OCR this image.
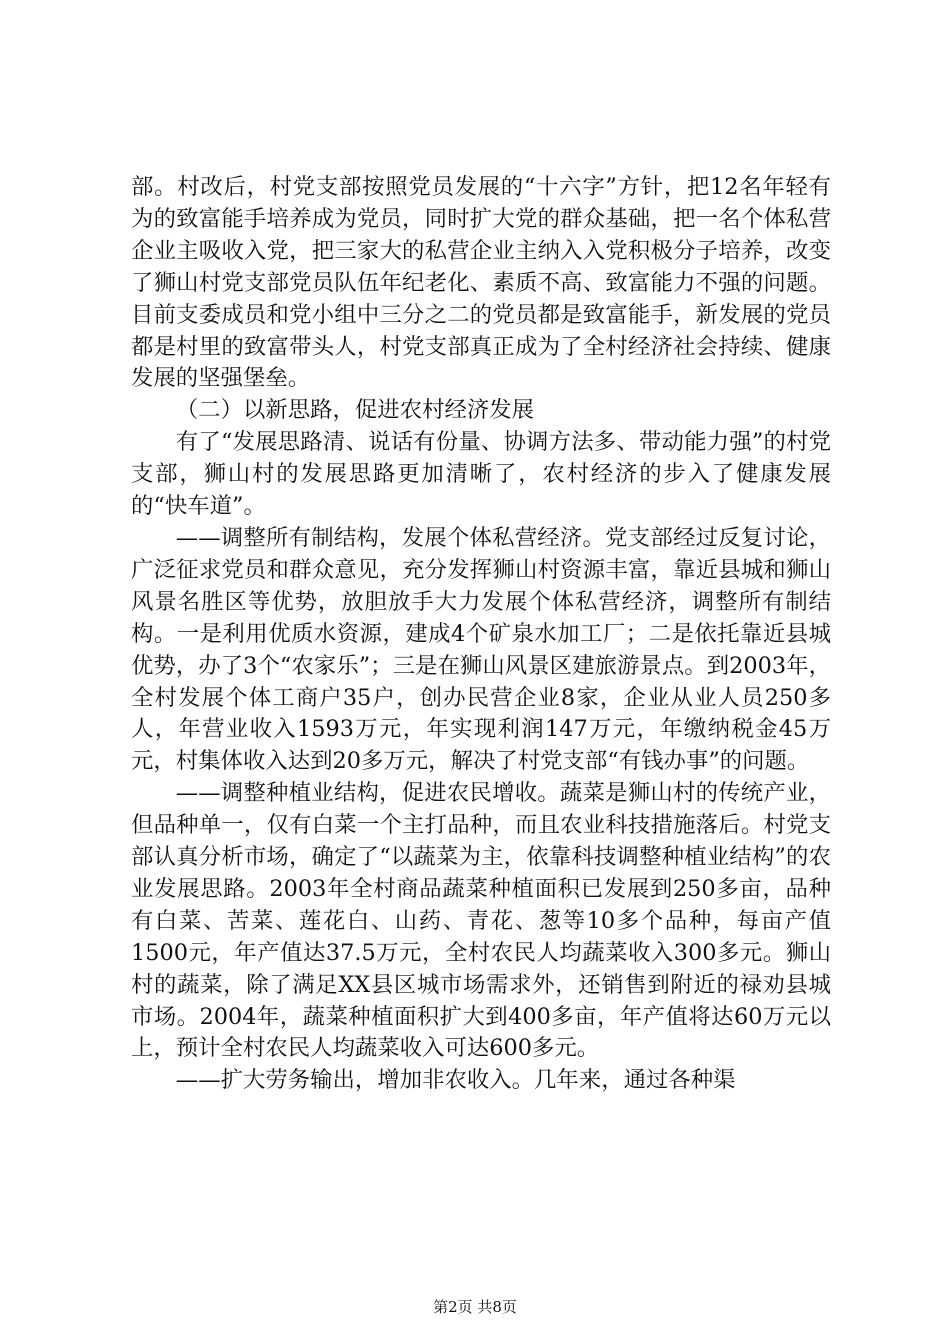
部。村改后，村党支部按照党员发展的“十六字”方针，把12名年轻有为的致富能手培养成为党员，同时扩大党的群众基础，把一名个体私营企业主吸收入党，把三家大的私营企业主纳入入党积极分子培养，改变了狮山村党支部党员队伍年纪老化、素质不高、致富能力不强的问题。目前支委成员和党小组中三分之二的党员都是致富能手，新发展的党员都是村里的致富带头人，村党支部真正成为了全村经济社会持续、健康发展的坚强堡垒。

（二）以新思路，促进农村经济发展

有了“发展思路清、说话有份量、协调方法多、带动能力强”的村党支部，狮山村的发展思路更加清晰了，农村经济的步入了健康发展的“快车道”。

——调整所有制结构，发展个体私营经济。党支部经过反复讨论，广泛征求党员和群众意见，充分发挥狮山村资源丰富，靠近县城和狮山风景名胜区等优势，放胆放手大力发展个体私营经济，调整所有制结构。一是利用优质水资源，建成4个矿泉水加工厂；二是依托靠近县城优势，办了3个“农家乐”；三是在狮山风景区建旅游景点。到2003年，全村发展个体工商户35户，创办民营企业8家，企业从业人员250多人，年营业收入1593万元，年实现利润147万元，年缴纳税金45万元，村集体收入达到20多万元，解决了村党支部“有钱办事”的问题。

——调整种植业结构，促进农民增收。蔬菜是狮山村的传统产业，但品种单一，仅有白菜一个主打品种，而且农业科技措施落后。村党支部认真分析市场，确定了“以蔬菜为主，依靠科技调整种植业结构”的农业发展思路。2003年全村商品蔬菜种植面积已发展到250多亩，品种有白菜、苦菜、莲花白、山药、青花、葱等10多个品种，每亩产值1500元，年产值达37.5万元，全村农民人均蔬菜收入300多元。狮山村的蔬菜，除了满足XX县区城市场需求外，还销售到附近的禄劝县城市场。2004年，蔬菜种植面积扩大到400多亩，年产值将达60万元以上，预计全村农民人均蔬菜收入可达600多元。

——扩大劳务输出，增加非农收入。几年来，通过各种渠

第2页 共8页
